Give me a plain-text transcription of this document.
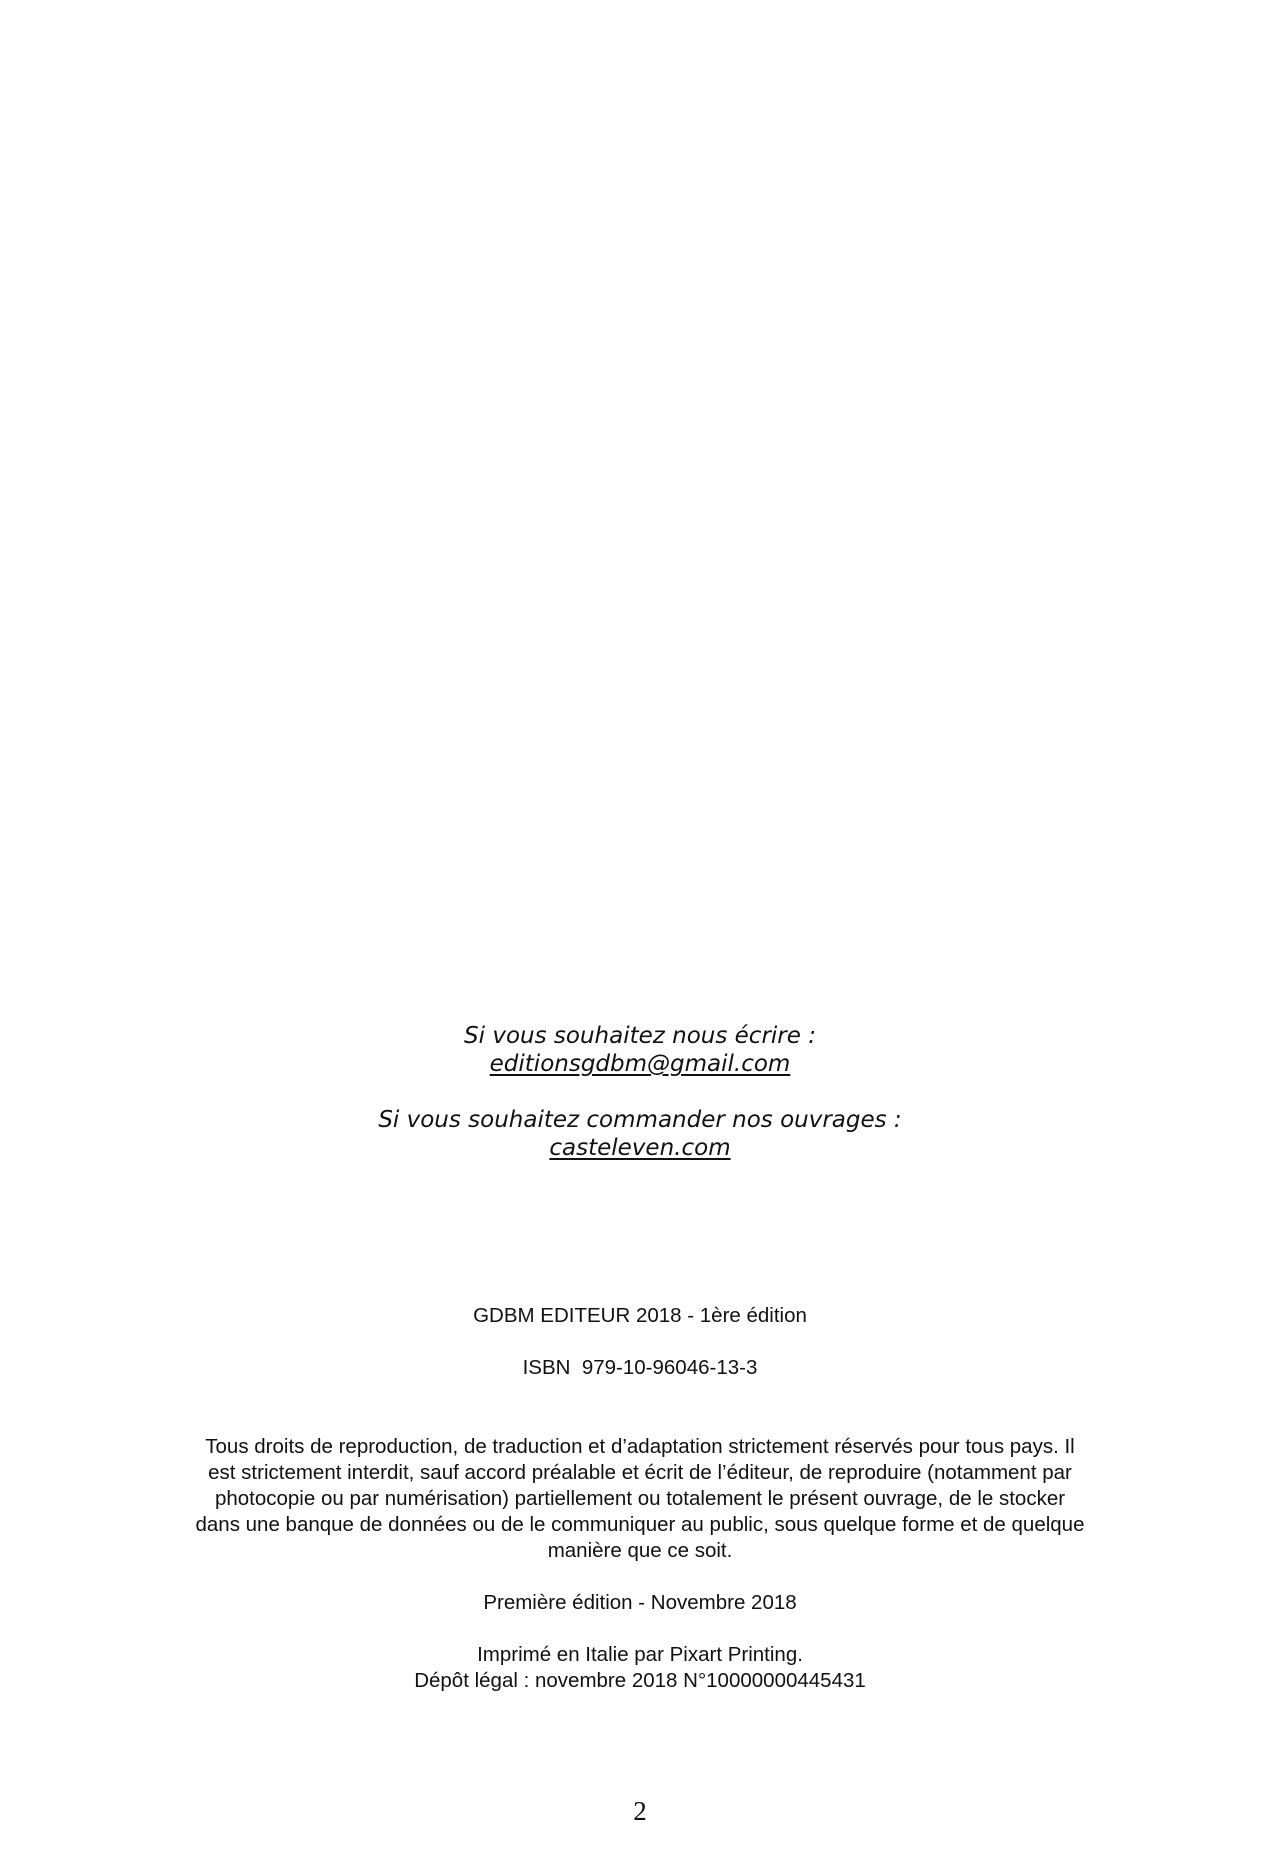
Si vous souhaitez nous écrire :
editionsgdbm@gmail.com
Si vous souhaitez commander nos ouvrages :
casteleven.com
GDBM EDITEUR 2018 - 1ère édition
ISBN  979-10-96046-13-3
Tous droits de reproduction, de traduction et d’adaptation strictement réservés pour tous pays. Il est strictement interdit, sauf accord préalable et écrit de l’éditeur, de reproduire (notamment par photocopie ou par numérisation) partiellement ou totalement le présent ouvrage, de le stocker dans une banque de données ou de le communiquer au public, sous quelque forme et de quelque manière que ce soit.
Première édition - Novembre 2018
Imprimé en Italie par Pixart Printing.
Dépôt légal : novembre 2018 N°10000000445431
2
